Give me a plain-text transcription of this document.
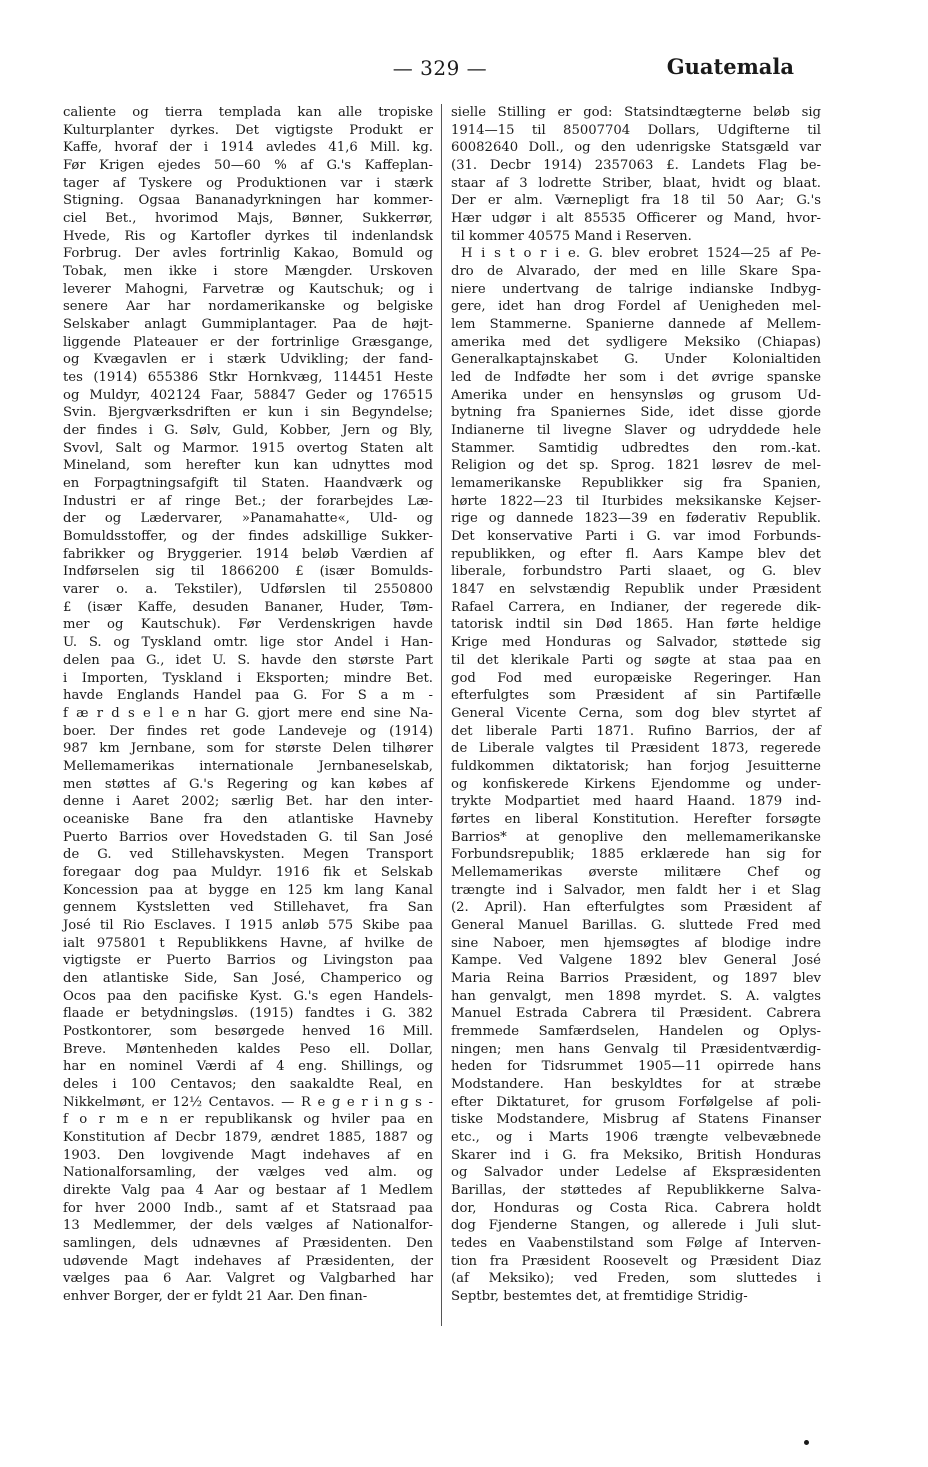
— 329 —	Guatemala
caliente og tierra templada kan alle tropiske
Kulturplanter dyrkes. Det vigtigste Produkt er
Kaffe, hvoraf der i 1914 avledes 41,6 Mill. kg.
Før Krigen ejedes 50—60 % af G.'s Kaffeplan-
tager af Tyskere og Produktionen var i stærk
Stigning. Ogsaa Bananadyrkningen har kommer-
ciel Bet., hvorimod Majs, Bønner, Sukkerrør,
Hvede, Ris og Kartofler dyrkes til indenlandsk
Forbrug. Der avles fortrinlig Kakao, Bomuld og
Tobak, men ikke i store Mængder. Urskoven
leverer Mahogni, Farvetræ og Kautschuk; og i
senere Aar har nordamerikanske og belgiske
Selskaber anlagt Gummiplantager. Paa de højt-
liggende Plateauer er der fortrinlige Græsgange,
og Kvægavlen er i stærk Udvikling; der fand-
tes (1914) 655386 Stkr Hornkvæg, 114451 Heste
og Muldyr, 402124 Faar, 58847 Geder og 176515
Svin. Bjergværksdriften er kun i sin Begyndelse;
der findes i G. Sølv, Guld, Kobber, Jern og Bly,
Svovl, Salt og Marmor. 1915 overtog Staten alt
Mineland, som herefter kun kan udnyttes mod
en Forpagtningsafgift til Staten. Haandværk og
Industri er af ringe Bet.; der forarbejdes Læ-
der og Lædervarer, »Panamahatte«, Uld- og
Bomuldsstoffer, og der findes adskillige Sukker-
fabrikker og Bryggerier. 1914 beløb Værdien af
Indførselen sig til 1866200 £ (især Bomulds-
varer o. a. Tekstiler), Udførslen til 2550800
£ (især Kaffe, desuden Bananer, Huder, Tøm-
mer og Kautschuk). Før Verdenskrigen havde
U. S. og Tyskland omtr. lige stor Andel i Han-
delen paa G., idet U. S. havde den største Part
i Importen, Tyskland i Eksporten; mindre Bet.
havde Englands Handel paa G. For S a m -
f æ r d s e l e n har G. gjort mere end sine Na-
boer. Der findes ret gode Landeveje og (1914)
987 km Jernbane, som for største Delen tilhører
Mellemamerikas internationale Jernbaneselskab,
men støttes af G.'s Regering og kan købes af
denne i Aaret 2002; særlig Bet. har den inter-
oceaniske Bane fra den atlantiske Havneby
Puerto Barrios over Hovedstaden G. til San José
de G. ved Stillehavskysten. Megen Transport
foregaar dog paa Muldyr. 1916 fik et Selskab
Koncession paa at bygge en 125 km lang Kanal
gennem Kystsletten ved Stillehavet, fra San
José til Rio Esclaves. I 1915 anløb 575 Skibe paa
ialt 975801 t Republikkens Havne, af hvilke de
vigtigste er Puerto Barrios og Livingston paa
den atlantiske Side, San José, Champerico og
Ocos paa den pacifiske Kyst. G.'s egen Handels-
flaade er betydningsløs. (1915) fandtes i G. 382
Postkontorer, som besørgede henved 16 Mill.
Breve. Møntenheden kaldes Peso ell. Dollar,
har en nominel Værdi af 4 eng. Shillings, og
deles i 100 Centavos; den saakaldte Real, en
Nikkelmønt, er 12½ Centavos. — R e g e r i n g s -
f o r m e n er republikansk og hviler paa en
Konstitution af Decbr 1879, ændret 1885, 1887 og
1903. Den lovgivende Magt indehaves af en
Nationalforsamling, der vælges ved alm. og
direkte Valg paa 4 Aar og bestaar af 1 Medlem
for hver 2000 Indb., samt af et Statsraad paa
13 Medlemmer, der dels vælges af Nationalfor-
samlingen, dels udnævnes af Præsidenten. Den
udøvende Magt indehaves af Præsidenten, der
vælges paa 6 Aar. Valgret og Valgbarhed har
enhver Borger, der er fyldt 21 Aar. Den finan-
sielle Stilling er god: Statsindtægterne beløb sig
1914—15 til 85007704 Dollars, Udgifterne til
60082640 Doll., og den udenrigske Statsgæld var
(31. Decbr 1914) 2357063 £. Landets Flag be-
staar af 3 lodrette Striber, blaat, hvidt og blaat.
Der er alm. Værnepligt fra 18 til 50 Aar; G.'s
Hær udgør i alt 85535 Officerer og Mand, hvor-
til kommer 40575 Mand i Reserven.
H i s t o r i e. G. blev erobret 1524—25 af Pe-
dro de Alvarado, der med en lille Skare Spa-
niere undertvang de talrige indianske Indbyg-
gere, idet han drog Fordel af Uenigheden mel-
lem Stammerne. Spanierne dannede af Mellem-
amerika med det sydligere Meksiko (Chiapas)
Generalkaptajnskabet G. Under Kolonialtiden
led de Indfødte her som i det øvrige spanske
Amerika under en hensynsløs og grusom Ud-
bytning fra Spaniernes Side, idet disse gjorde
Indianerne til livegne Slaver og udryddede hele
Stammer. Samtidig udbredtes den rom.-kat.
Religion og det sp. Sprog. 1821 løsrev de mel-
lemamerikanske Republikker sig fra Spanien,
hørte 1822—23 til Iturbides meksikanske Kejser-
rige og dannede 1823—39 en føderativ Republik.
Det konservative Parti i G. var imod Forbunds-
republikken, og efter fl. Aars Kampe blev det
liberale, forbundstro Parti slaaet, og G. blev
1847 en selvstændig Republik under Præsident
Rafael Carrera, en Indianer, der regerede dik-
tatorisk indtil sin Død 1865. Han førte heldige
Krige med Honduras og Salvador, støttede sig
til det klerikale Parti og søgte at staa paa en
god Fod med europæiske Regeringer. Han
efterfulgtes som Præsident af sin Partifælle
General Vicente Cerna, som dog blev styrtet af
det liberale Parti 1871. Rufino Barrios, der af
de Liberale valgtes til Præsident 1873, regerede
fuldkommen diktatorisk; han forjog Jesuitterne
og konfiskerede Kirkens Ejendomme og under-
trykte Modpartiet med haard Haand. 1879 ind-
førtes en liberal Konstitution. Herefter forsøgte
Barrios* at genoplive den mellemamerikanske
Forbundsrepublik; 1885 erklærede han sig for
Mellemamerikas øverste militære Chef og
trængte ind i Salvador, men faldt her i et Slag
(2. April). Han efterfulgtes som Præsident af
General Manuel Barillas. G. sluttede Fred med
sine Naboer, men hjemsøgtes af blodige indre
Kampe. Ved Valgene 1892 blev General José
Maria Reina Barrios Præsident, og 1897 blev
han genvalgt, men 1898 myrdet. S. A. valgtes
Manuel Estrada Cabrera til Præsident. Cabrera
fremmede Samfærdselen, Handelen og Oplys-
ningen; men hans Genvalg til Præsidentværdig-
heden for Tidsrummet 1905—11 opirrede hans
Modstandere. Han beskyldtes for at stræbe
efter Diktaturet, for grusom Forfølgelse af poli-
tiske Modstandere, Misbrug af Statens Finanser
etc., og i Marts 1906 trængte velbevæbnede
Skarer ind i G. fra Meksiko, British Honduras
og Salvador under Ledelse af Ekspræsidenten
Barillas, der støttedes af Republikkerne Salva-
dor, Honduras og Costa Rica. Cabrera holdt
dog Fjenderne Stangen, og allerede i Juli slut-
tedes en Vaabenstilstand som Følge af Interven-
tion fra Præsident Roosevelt og Præsident Diaz
(af Meksiko); ved Freden, som sluttedes i
Septbr, bestemtes det, at fremtidige Stridig-
